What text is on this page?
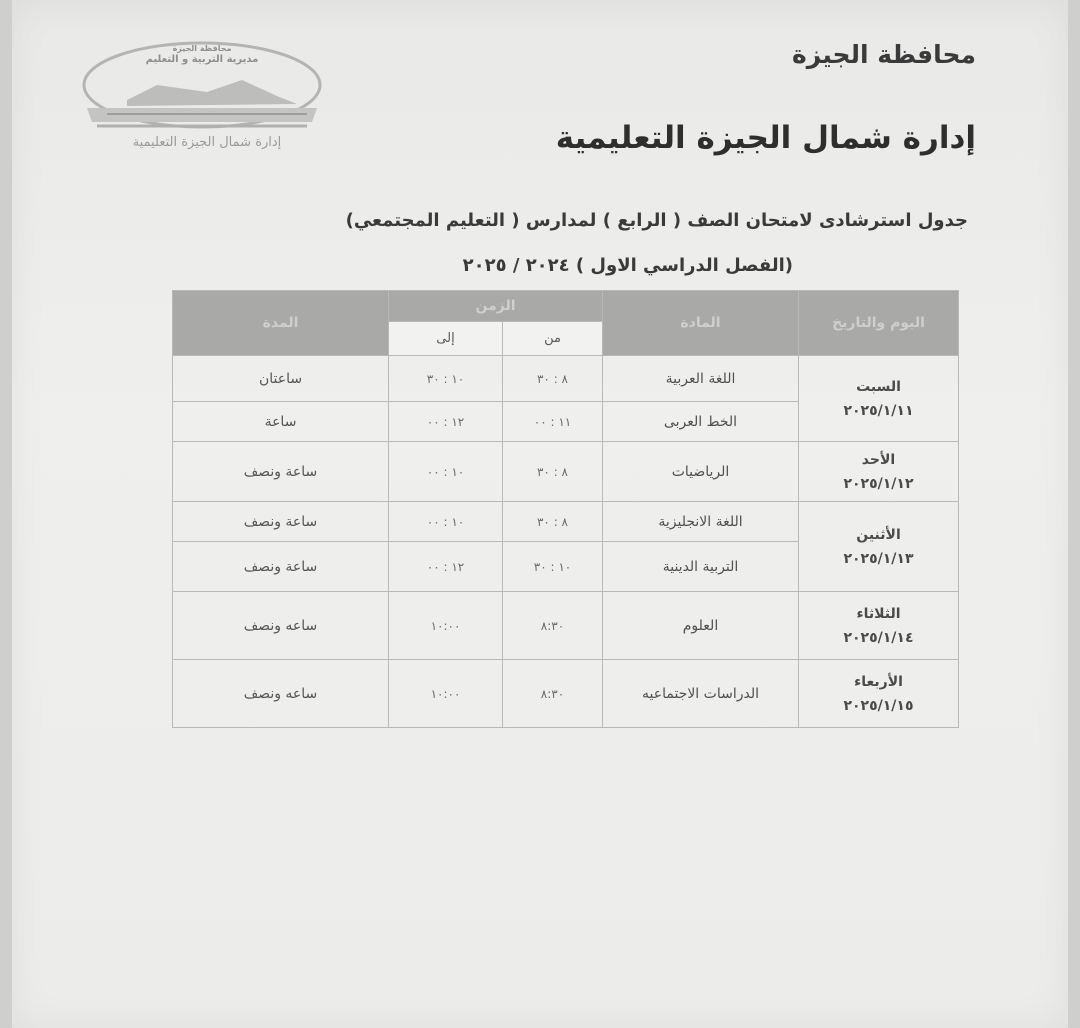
محافظة الجيزة
مديرية التربية و التعليم
إدارة شمال الجيزة التعليمية
محافظة الجيزة
إدارة شمال الجيزة التعليمية
جدول استرشادى لامتحان الصف ( الرابع ) لمدارس ( التعليم المجتمعي)
(الفصل الدراسي الاول ) ٢٠٢٤ / ٢٠٢٥
اليوم والتاريخ	المادة	الزمن		المدة
		من	إلى	

السبت
٢٠٢٥/١/١١	اللغة العربية	٨ : ٣٠	١٠ : ٣٠	ساعتان
	الخط العربى	١١ : ٠٠	١٢ : ٠٠	ساعة

الأحد
٢٠٢٥/١/١٢	الرياضيات	٨ : ٣٠	١٠ : ٠٠	ساعة ونصف

الأثنين
٢٠٢٥/١/١٣	اللغة الانجليزية	٨ : ٣٠	١٠ : ٠٠	ساعة ونصف
	التربية الدينية	١٠ : ٣٠	١٢ : ٠٠	ساعة ونصف

الثلاثاء
٢٠٢٥/١/١٤	العلوم	٨:٣٠	١٠:٠٠	ساعه ونصف

الأربعاء
٢٠٢٥/١/١٥	الدراسات الاجتماعيه	٨:٣٠	١٠:٠٠	ساعه ونصف
